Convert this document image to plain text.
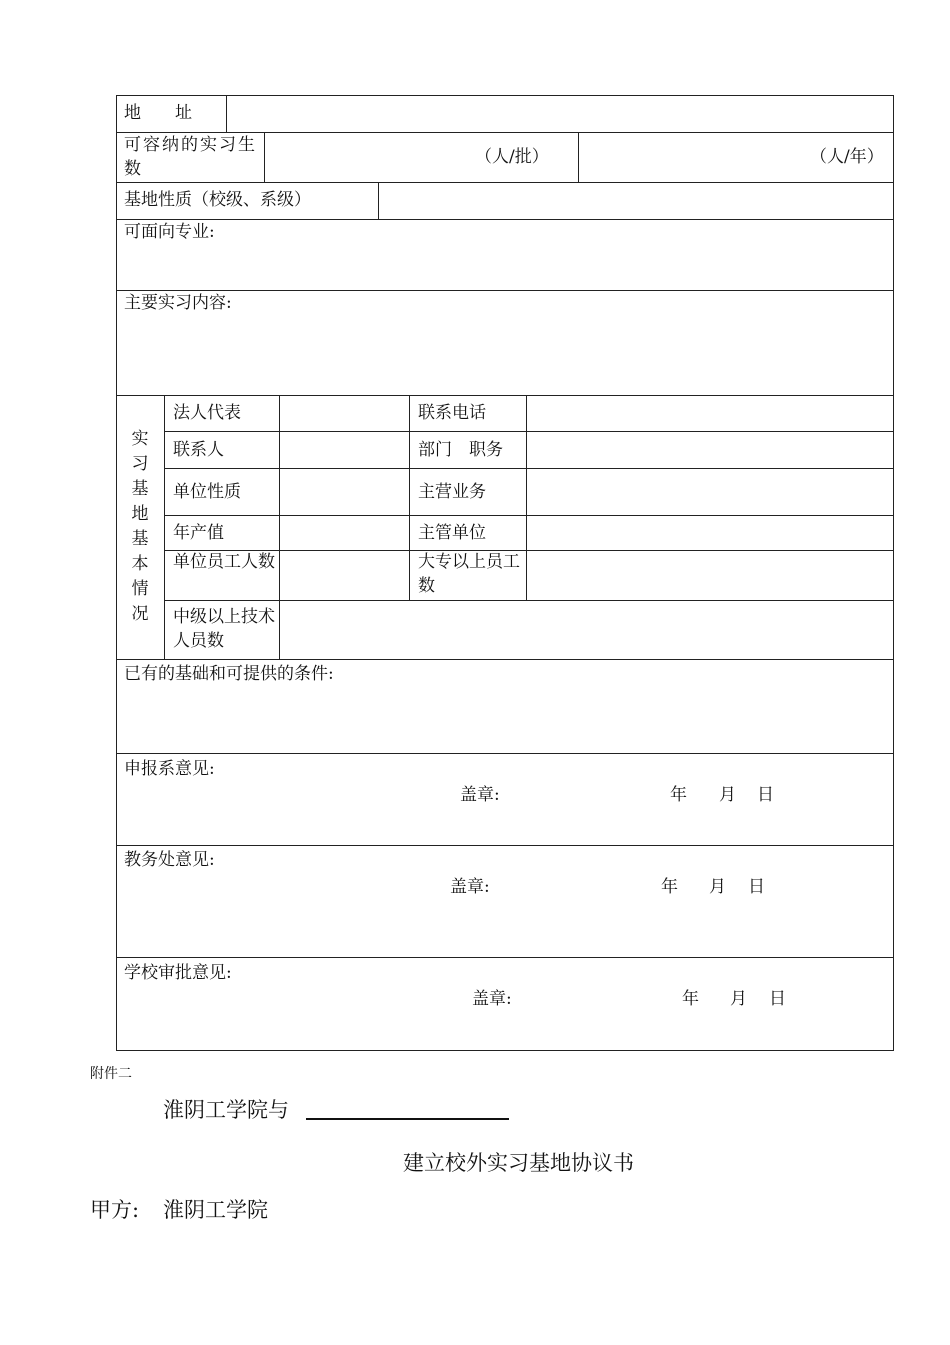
地　　址
可容纳的实习生数
（人/批）	（人/年）
基地性质（校级、系级）
可面向专业:
主要实习内容:
实习基地基本情况
法人代表	联系电话
联系人	部门　职务
单位性质	主营业务
年产值	主管单位
单位员工人数	大专以上员工数
中级以上技术人员数
已有的基础和可提供的条件:
申报系意见:
盖章:	年 月 日
教务处意见:
盖章:	年 月 日
学校审批意见:
盖章:	年 月 日
附件二
淮阴工学院与
建立校外实习基地协议书
甲方: 淮阴工学院
